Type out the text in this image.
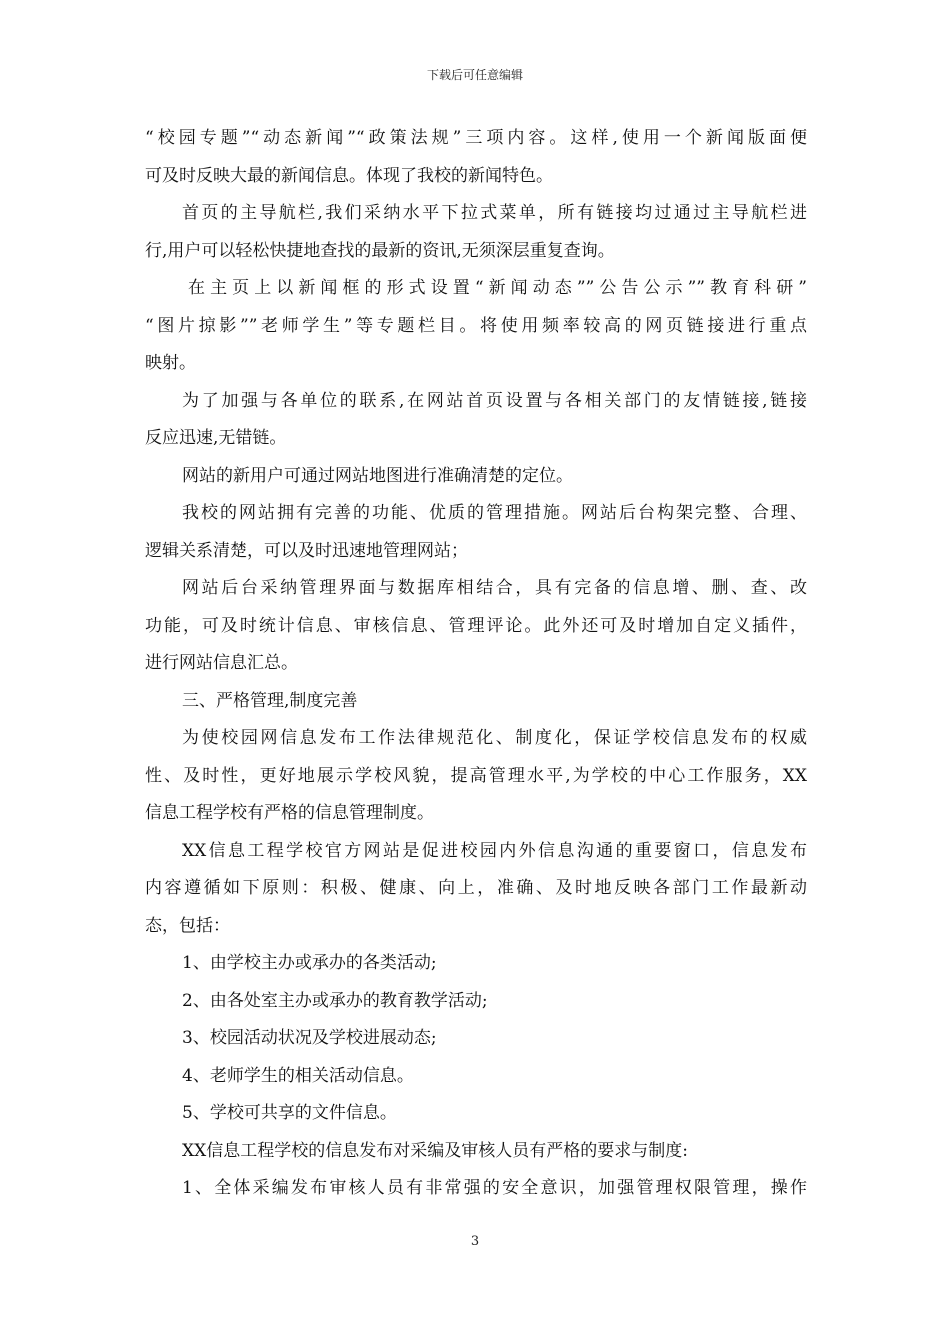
下载后可任意编辑
“校园专题”“动态新闻”“政策法规”三项内容。这样,使用一个新闻版面便
可及时反映大最的新闻信息。体现了我校的新闻特色。
首页的主导航栏,我们采纳水平下拉式菜单，所有链接均过通过主导航栏进
行,用户可以轻松快捷地查找的最新的资讯,无须深层重复查询。
在主页上以新闻框的形式设置“新闻动态””公告公示””教育科研”
“图片掠影””老师学生”等专题栏目。将使用频率较高的网页链接进行重点
映射。
为了加强与各单位的联系,在网站首页设置与各相关部门的友情链接,链接
反应迅速,无错链。
网站的新用户可通过网站地图进行准确清楚的定位。
我校的网站拥有完善的功能、优质的管理措施。网站后台构架完整、合理、
逻辑关系清楚，可以及时迅速地管理网站；
网站后台采纳管理界面与数据库相结合，具有完备的信息增、删、查、改
功能，可及时统计信息、审核信息、管理评论。此外还可及时增加自定义插件，
进行网站信息汇总。
三、严格管理,制度完善
为使校园网信息发布工作法律规范化、制度化，保证学校信息发布的权威
性、及时性，更好地展示学校风貌，提高管理水平,为学校的中心工作服务，XX
信息工程学校有严格的信息管理制度。
XX信息工程学校官方网站是促进校园内外信息沟通的重要窗口，信息发布
内容遵循如下原则：积极、健康、向上，准确、及时地反映各部门工作最新动
态，包括：
1、由学校主办或承办的各类活动;
2、由各处室主办或承办的教育教学活动;
3、校园活动状况及学校进展动态;
4、老师学生的相关活动信息。
5、学校可共享的文件信息。
XX信息工程学校的信息发布对采编及审核人员有严格的要求与制度:
1、全体采编发布审核人员有非常强的安全意识，加强管理权限管理，操作
3
